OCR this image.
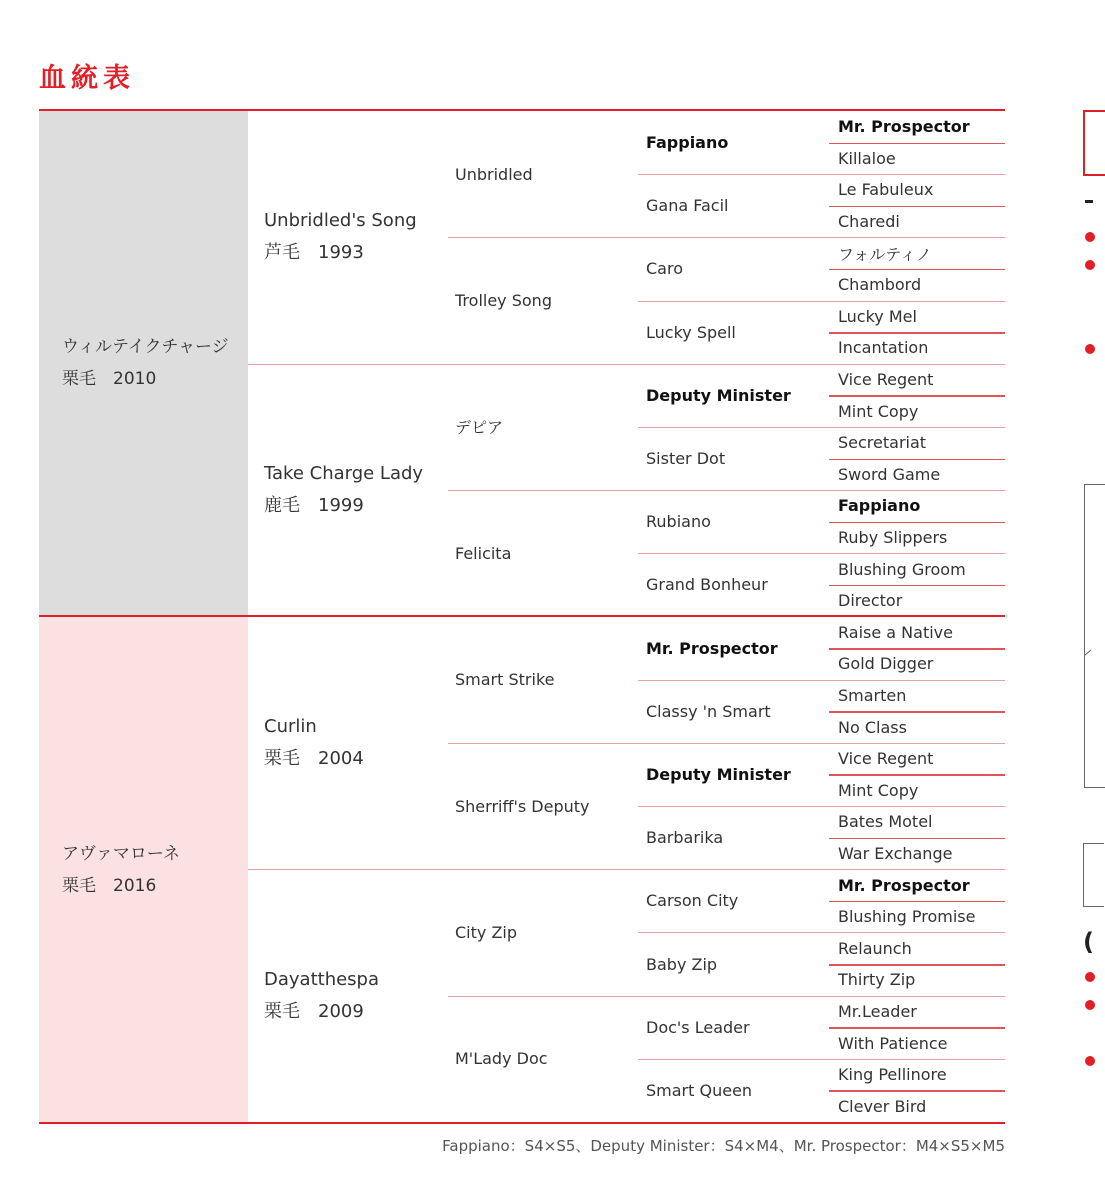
血統表
ウィルテイクチャージ
栗毛　2010
アヴァマローネ
栗毛　2016
Unbridled's Song
芦毛　1993
Take Charge Lady
鹿毛　1999
Curlin
栗毛　2004
Dayatthespa
栗毛　2009
Unbridled
Trolley Song
デピア
Felicita
Smart Strike
Sherriff's Deputy
City Zip
M'Lady Doc
Fappiano
Gana Facil
Caro
Lucky Spell
Deputy Minister
Sister Dot
Rubiano
Grand Bonheur
Mr. Prospector
Classy 'n Smart
Deputy Minister
Barbarika
Carson City
Baby Zip
Doc's Leader
Smart Queen
Mr. Prospector
Killaloe
Le Fabuleux
Charedi
フォルティノ
Chambord
Lucky Mel
Incantation
Vice Regent
Mint Copy
Secretariat
Sword Game
Fappiano
Ruby Slippers
Blushing Groom
Director
Raise a Native
Gold Digger
Smarten
No Class
Vice Regent
Mint Copy
Bates Motel
War Exchange
Mr. Prospector
Blushing Promise
Relaunch
Thirty Zip
Mr.Leader
With Patience
King Pellinore
Clever Bird
Fappiano：S4×S5、Deputy Minister：S4×M4、Mr. Prospector：M4×S5×M5
(
